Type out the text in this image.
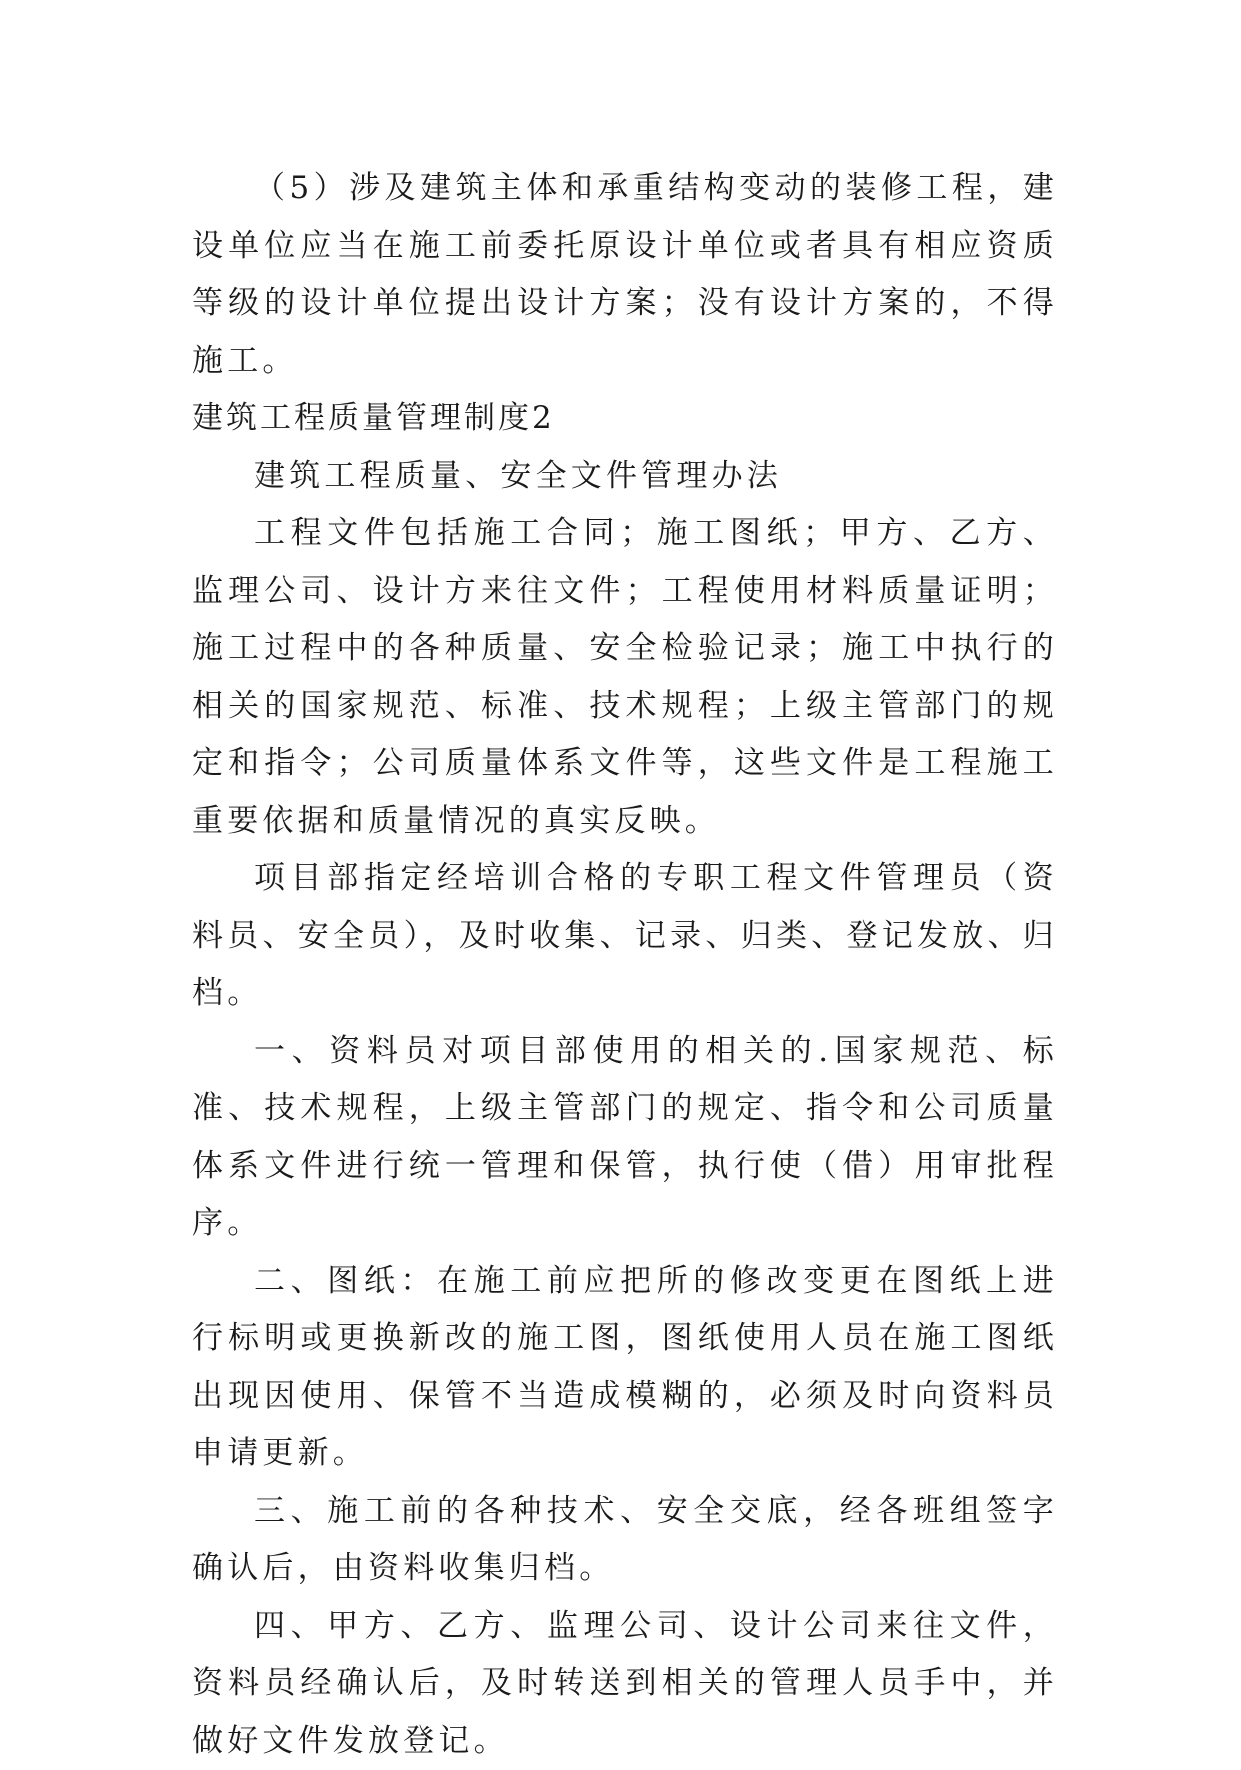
（5）涉及建筑主体和承重结构变动的装修工程，建设单位应当在施工前委托原设计单位或者具有相应资质等级的设计单位提出设计方案；没有设计方案的，不得施工。

建筑工程质量管理制度2

建筑工程质量、安全文件管理办法

工程文件包括施工合同；施工图纸；甲方、乙方、监理公司、设计方来往文件；工程使用材料质量证明；施工过程中的各种质量、安全检验记录；施工中执行的相关的国家规范、标准、技术规程；上级主管部门的规定和指令；公司质量体系文件等，这些文件是工程施工重要依据和质量情况的真实反映。

项目部指定经培训合格的专职工程文件管理员（资料员、安全员），及时收集、记录、归类、登记发放、归档。

一、资料员对项目部使用的相关的.国家规范、标准、技术规程，上级主管部门的规定、指令和公司质量体系文件进行统一管理和保管，执行使（借）用审批程序。

二、图纸：在施工前应把所的修改变更在图纸上进行标明或更换新改的施工图，图纸使用人员在施工图纸出现因使用、保管不当造成模糊的，必须及时向资料员申请更新。

三、施工前的各种技术、安全交底，经各班组签字确认后，由资料收集归档。

四、甲方、乙方、监理公司、设计公司来往文件，资料员经确认后，及时转送到相关的管理人员手中，并做好文件发放登记。
